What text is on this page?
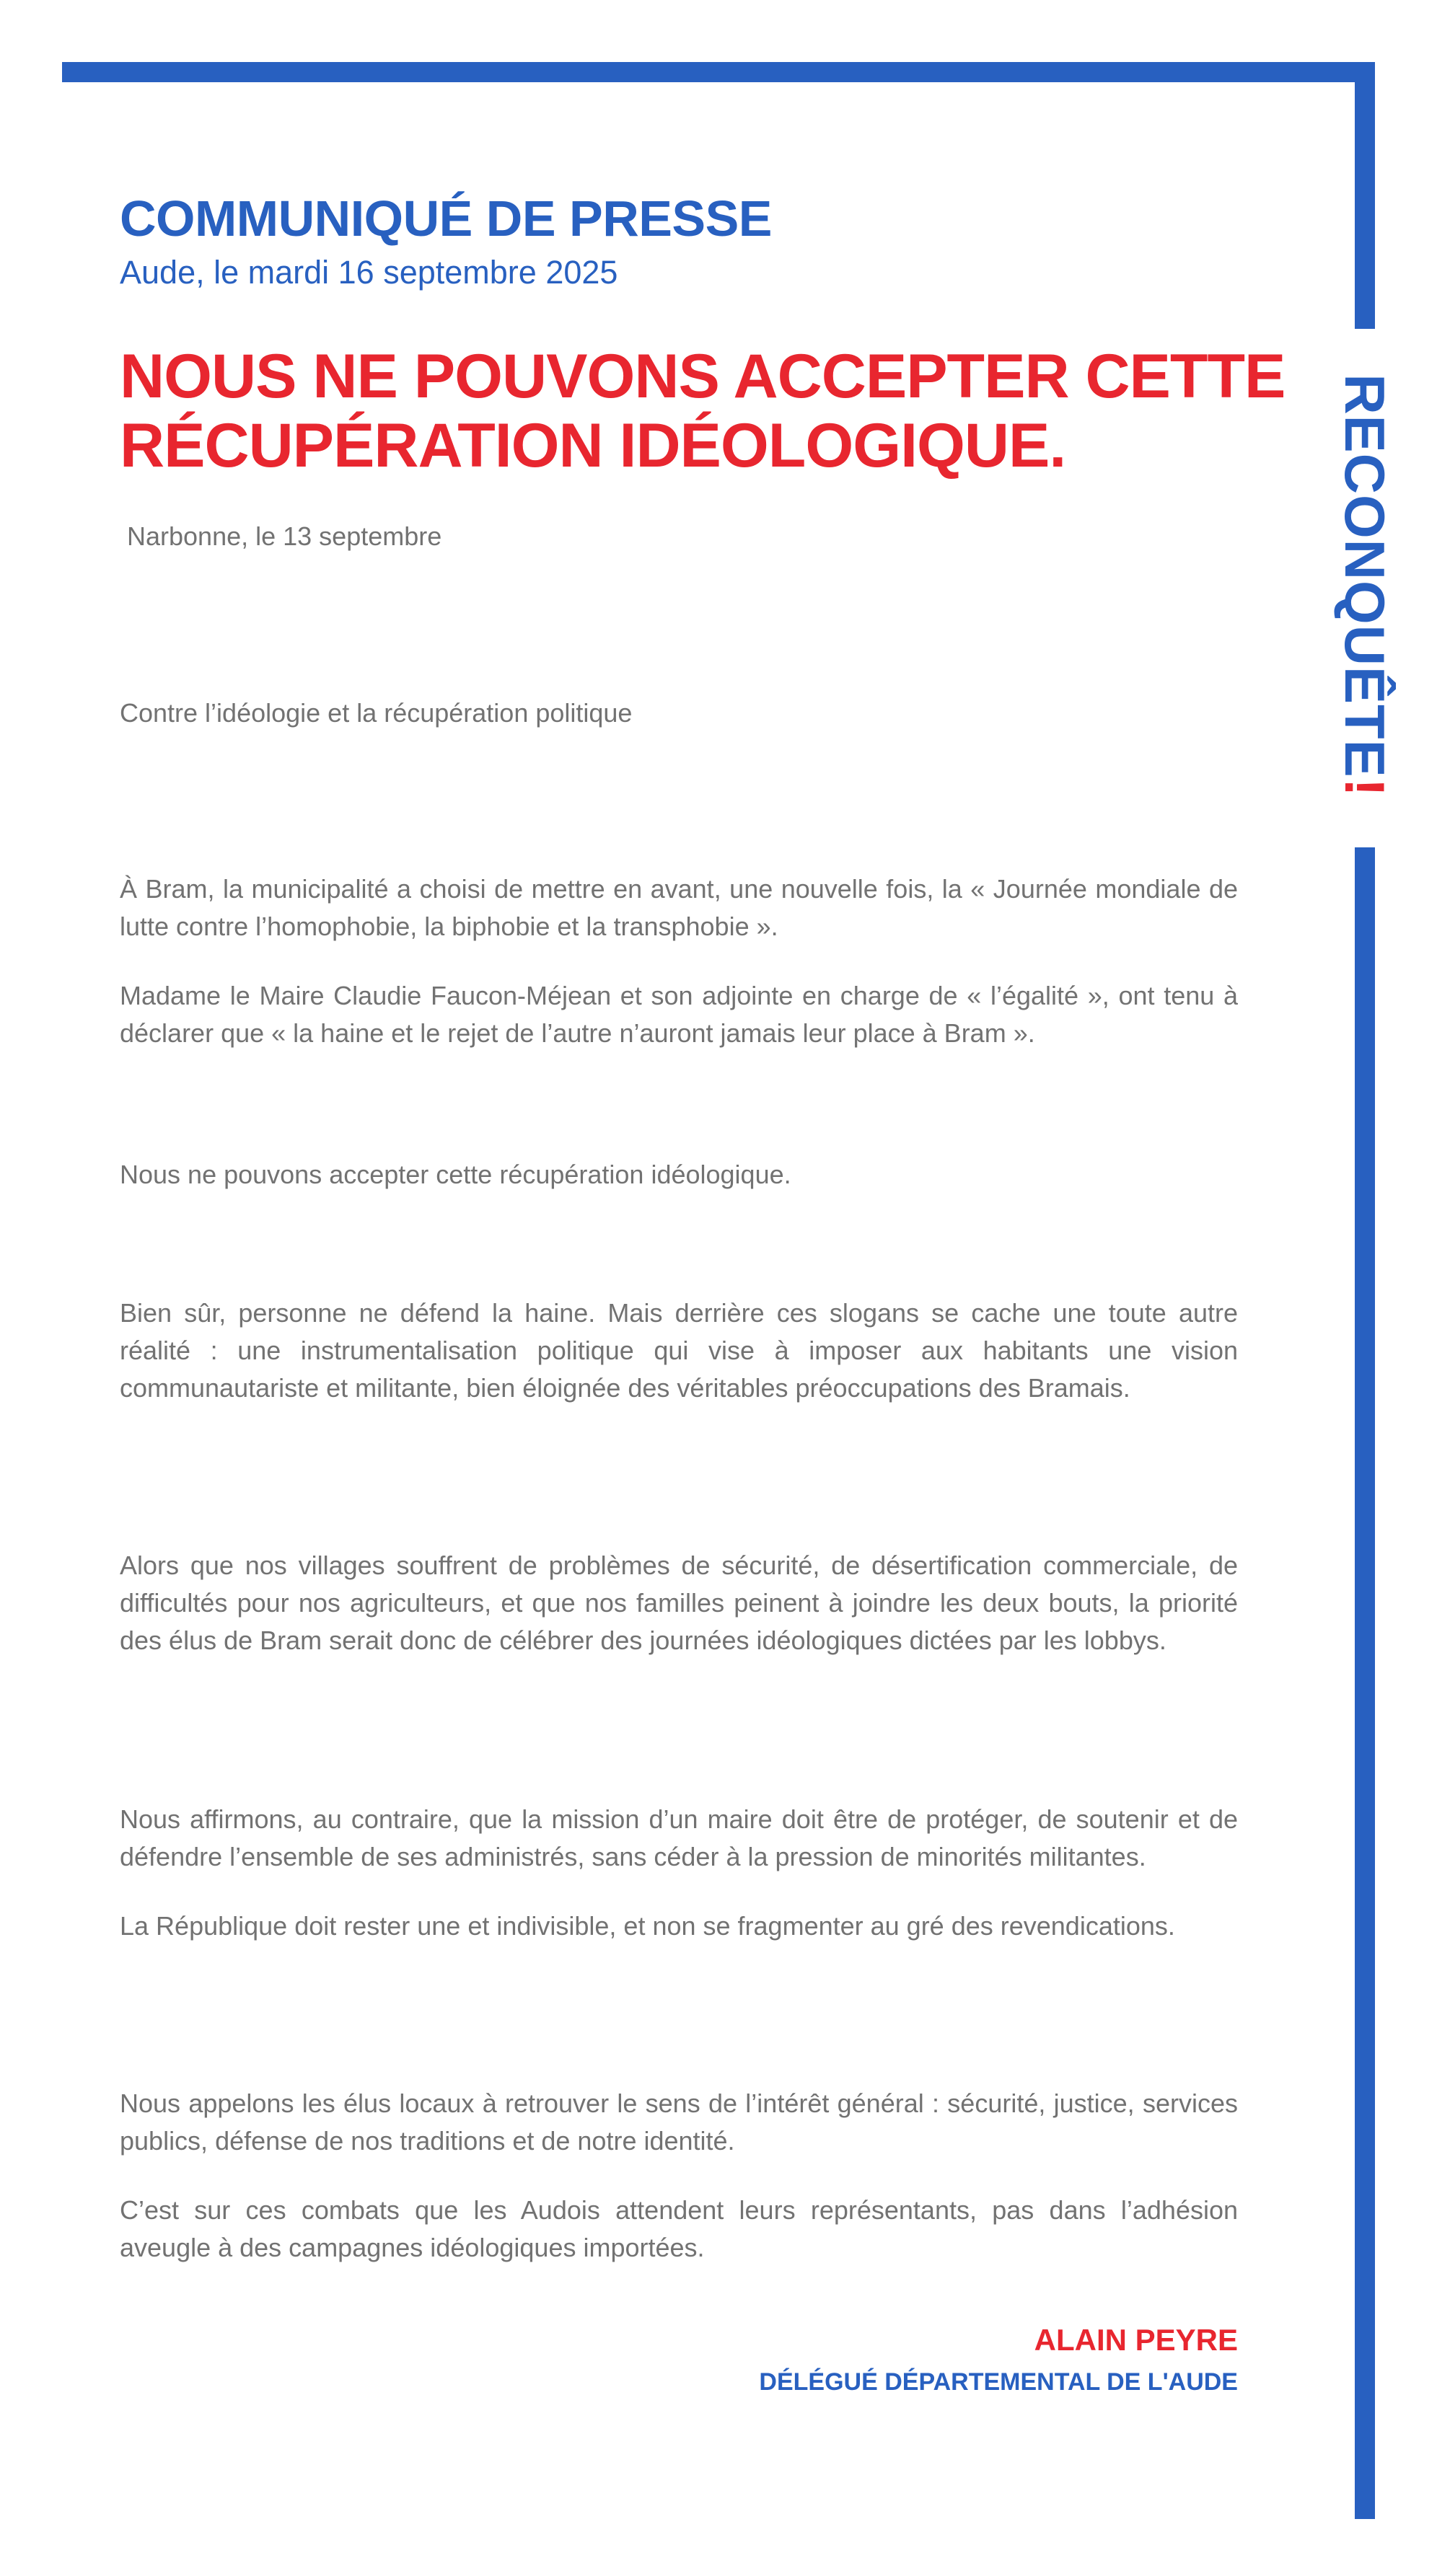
RECONQUÊTE!
COMMUNIQUÉ DE PRESSE
Aude, le mardi 16 septembre 2025
NOUS NE POUVONS ACCEPTER CETTE
RÉCUPÉRATION IDÉOLOGIQUE.
Narbonne, le 13 septembre
Contre l’idéologie et la récupération politique
À Bram, la municipalité a choisi de mettre en avant, une nouvelle fois, la « Journée mondiale de lutte contre l’homophobie, la biphobie et la transphobie ».
Madame le Maire Claudie Faucon-Méjean et son adjointe en charge de « l’égalité », ont tenu à déclarer que « la haine et le rejet de l’autre n’auront jamais leur place à Bram ».
Nous ne pouvons accepter cette récupération idéologique.
Bien sûr, personne ne défend la haine. Mais derrière ces slogans se cache une toute autre réalité : une instrumentalisation politique qui vise à imposer aux habitants une vision communautariste et militante, bien éloignée des véritables préoccupations des Bramais.
Alors que nos villages souffrent de problèmes de sécurité, de désertification commerciale, de difficultés pour nos agriculteurs, et que nos familles peinent à joindre les deux bouts, la priorité des élus de Bram serait donc de célébrer des journées idéologiques dictées par les lobbys.
Nous affirmons, au contraire, que la mission d’un maire doit être de protéger, de soutenir et de défendre l’ensemble de ses administrés, sans céder à la pression de minorités militantes.
La République doit rester une et indivisible, et non se fragmenter au gré des revendications.
Nous appelons les élus locaux à retrouver le sens de l’intérêt général : sécurité, justice, services publics, défense de nos traditions et de notre identité.
C’est sur ces combats que les Audois attendent leurs représentants, pas dans l’adhésion aveugle à des campagnes idéologiques importées.
ALAIN PEYRE
DÉLÉGUÉ DÉPARTEMENTAL DE L'AUDE
